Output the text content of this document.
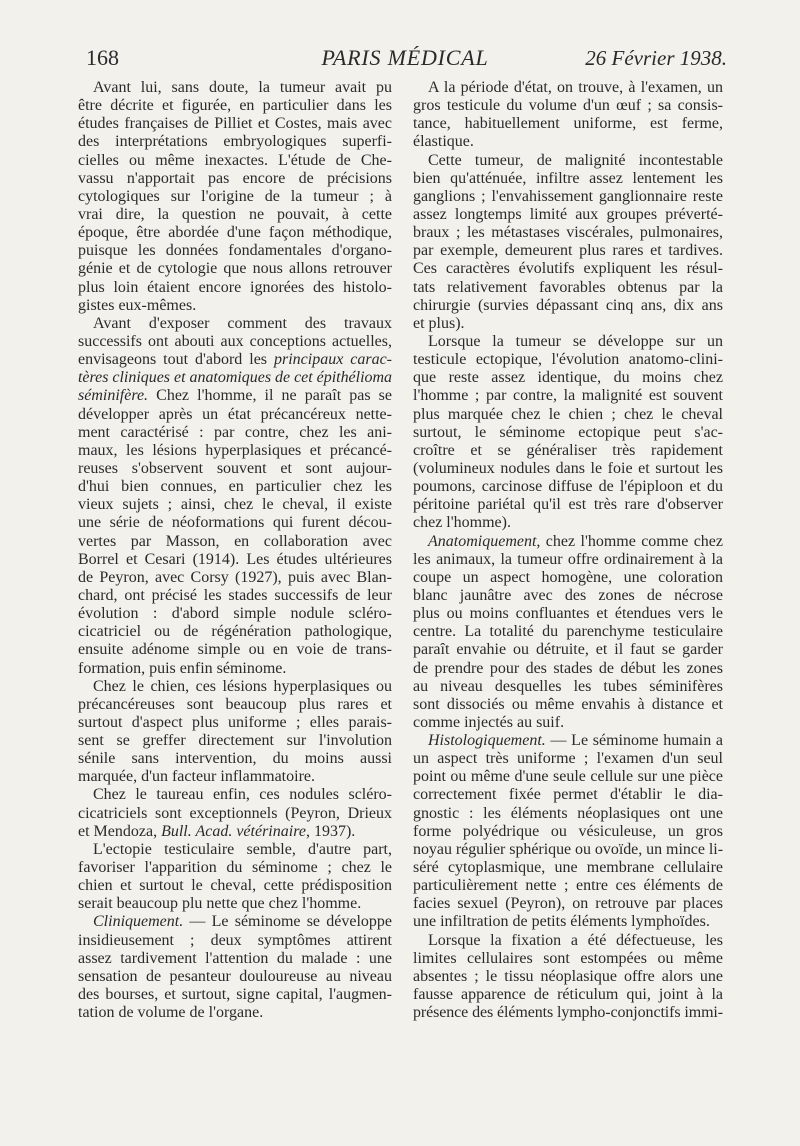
168	PARIS MÉDICAL	26 Février 1938.
Avant lui, sans doute, la tumeur avait pu
être décrite et figurée, en particulier dans les
études françaises de Pilliet et Costes, mais avec
des interprétations embryologiques superfi-
cielles ou même inexactes. L'étude de Che-
vassu n'apportait pas encore de précisions
cytologiques sur l'origine de la tumeur ; à
vrai dire, la question ne pouvait, à cette
époque, être abordée d'une façon méthodique,
puisque les données fondamentales d'organo-
génie et de cytologie que nous allons retrouver
plus loin étaient encore ignorées des histolo-
gistes eux-mêmes.
Avant d'exposer comment des travaux
successifs ont abouti aux conceptions actuelles,
envisageons tout d'abord les principaux carac-
tères cliniques et anatomiques de cet épithélioma
séminifère. Chez l'homme, il ne paraît pas se
développer après un état précancéreux nette-
ment caractérisé : par contre, chez les ani-
maux, les lésions hyperplasiques et précancé-
reuses s'observent souvent et sont aujour-
d'hui bien connues, en particulier chez les
vieux sujets ; ainsi, chez le cheval, il existe
une série de néoformations qui furent décou-
vertes par Masson, en collaboration avec
Borrel et Cesari (1914). Les études ultérieures
de Peyron, avec Corsy (1927), puis avec Blan-
chard, ont précisé les stades successifs de leur
évolution : d'abord simple nodule scléro-
cicatriciel ou de régénération pathologique,
ensuite adénome simple ou en voie de trans-
formation, puis enfin séminome.
Chez le chien, ces lésions hyperplasiques ou
précancéreuses sont beaucoup plus rares et
surtout d'aspect plus uniforme ; elles parais-
sent se greffer directement sur l'involution
sénile sans intervention, du moins aussi
marquée, d'un facteur inflammatoire.
Chez le taureau enfin, ces nodules scléro-
cicatriciels sont exceptionnels (Peyron, Drieux
et Mendoza, Bull. Acad. vétérinaire, 1937).
L'ectopie testiculaire semble, d'autre part,
favoriser l'apparition du séminome ; chez le
chien et surtout le cheval, cette prédisposition
serait beaucoup plu nette que chez l'homme.
Cliniquement. — Le séminome se développe
insidieusement ; deux symptômes attirent
assez tardivement l'attention du malade : une
sensation de pesanteur douloureuse au niveau
des bourses, et surtout, signe capital, l'augmen-
tation de volume de l'organe.
A la période d'état, on trouve, à l'examen, un
gros testicule du volume d'un œuf ; sa consis-
tance, habituellement uniforme, est ferme,
élastique.
Cette tumeur, de malignité incontestable
bien qu'atténuée, infiltre assez lentement les
ganglions ; l'envahissement ganglionnaire reste
assez longtemps limité aux groupes préverté-
braux ; les métastases viscérales, pulmonaires,
par exemple, demeurent plus rares et tardives.
Ces caractères évolutifs expliquent les résul-
tats relativement favorables obtenus par la
chirurgie (survies dépassant cinq ans, dix ans
et plus).
Lorsque la tumeur se développe sur un
testicule ectopique, l'évolution anatomo-clini-
que reste assez identique, du moins chez
l'homme ; par contre, la malignité est souvent
plus marquée chez le chien ; chez le cheval
surtout, le séminome ectopique peut s'ac-
croître et se généraliser très rapidement
(volumineux nodules dans le foie et surtout les
poumons, carcinose diffuse de l'épiploon et du
péritoine pariétal qu'il est très rare d'observer
chez l'homme).
Anatomiquement, chez l'homme comme chez
les animaux, la tumeur offre ordinairement à la
coupe un aspect homogène, une coloration
blanc jaunâtre avec des zones de nécrose
plus ou moins confluantes et étendues vers le
centre. La totalité du parenchyme testiculaire
paraît envahie ou détruite, et il faut se garder
de prendre pour des stades de début les zones
au niveau desquelles les tubes séminifères
sont dissociés ou même envahis à distance et
comme injectés au suif.
Histologiquement. — Le séminome humain a
un aspect très uniforme ; l'examen d'un seul
point ou même d'une seule cellule sur une pièce
correctement fixée permet d'établir le dia-
gnostic : les éléments néoplasiques ont une
forme polyédrique ou vésiculeuse, un gros
noyau régulier sphérique ou ovoïde, un mince li-
séré cytoplasmique, une membrane cellulaire
particulièrement nette ; entre ces éléments de
facies sexuel (Peyron), on retrouve par places
une infiltration de petits éléments lymphoïdes.
Lorsque la fixation a été défectueuse, les
limites cellulaires sont estompées ou même
absentes ; le tissu néoplasique offre alors une
fausse apparence de réticulum qui, joint à la
présence des éléments lympho-conjonctifs immi-
